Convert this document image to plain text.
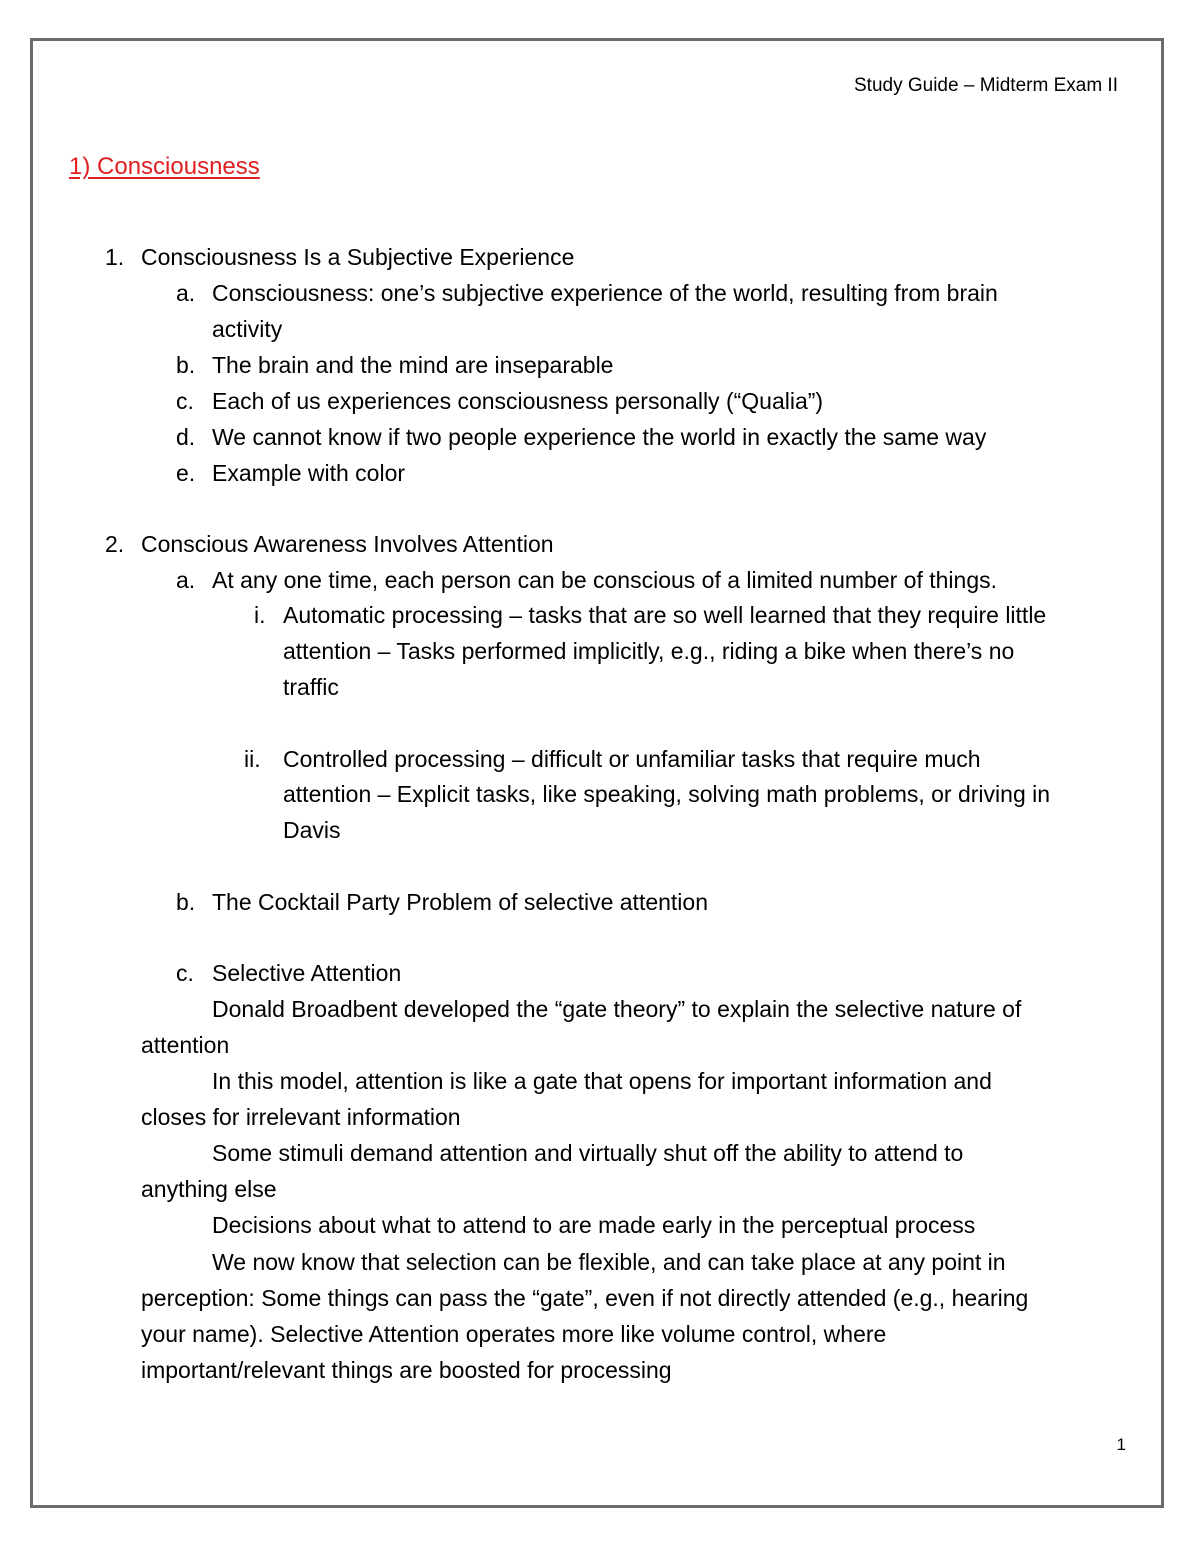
Study Guide – Midterm Exam II
1) Consciousness
1. Consciousness Is a Subjective Experience
a. Consciousness: one’s subjective experience of the world, resulting from brain
activity
b. The brain and the mind are inseparable
c. Each of us experiences consciousness personally (“Qualia”)
d. We cannot know if two people experience the world in exactly the same way
e. Example with color
2. Conscious Awareness Involves Attention
a. At any one time, each person can be conscious of a limited number of things.
i. Automatic processing – tasks that are so well learned that they require little
attention – Tasks performed implicitly, e.g., riding a bike when there’s no
traffic
ii. Controlled processing – difficult or unfamiliar tasks that require much
attention – Explicit tasks, like speaking, solving math problems, or driving in
Davis
b. The Cocktail Party Problem of selective attention
c. Selective Attention
Donald Broadbent developed the “gate theory” to explain the selective nature of
attention
In this model, attention is like a gate that opens for important information and
closes for irrelevant information
Some stimuli demand attention and virtually shut off the ability to attend to
anything else
Decisions about what to attend to are made early in the perceptual process
We now know that selection can be flexible, and can take place at any point in
perception: Some things can pass the “gate”, even if not directly attended (e.g., hearing
your name). Selective Attention operates more like volume control, where
important/relevant things are boosted for processing
1
